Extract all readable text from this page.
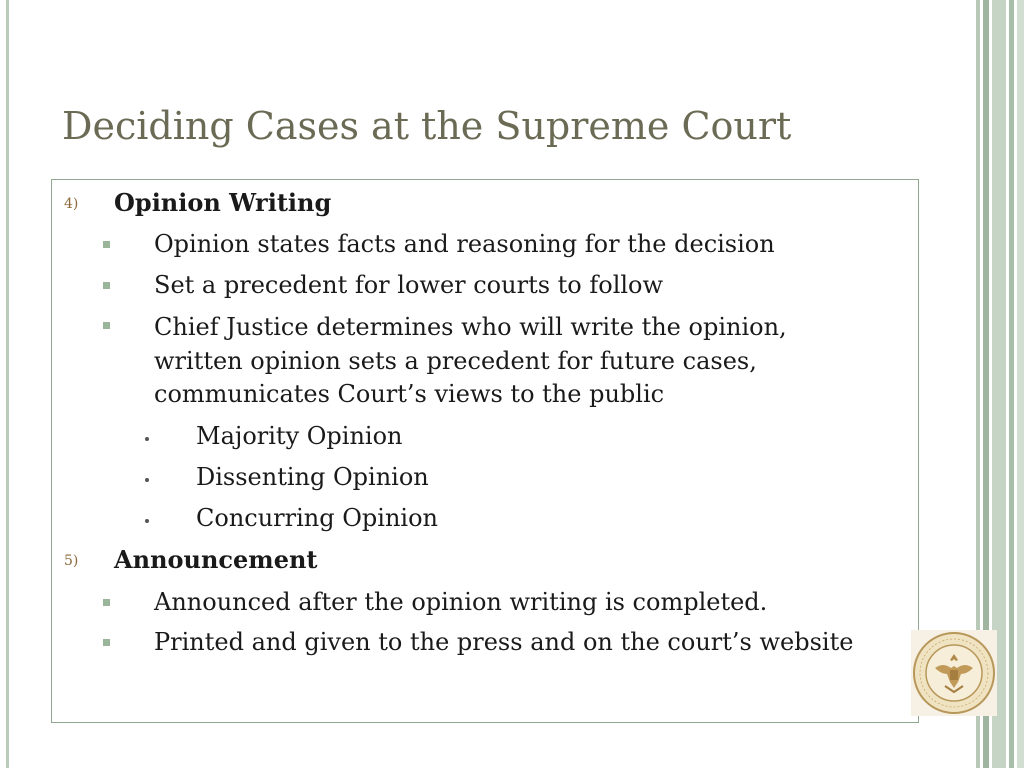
Deciding Cases at the Supreme Court
4) Opinion Writing
Opinion states facts and reasoning for the decision
Set a precedent for lower courts to follow
Chief Justice determines who will write the opinion,
written opinion sets a precedent for future cases,
communicates Court’s views to the public
Majority Opinion
Dissenting Opinion
Concurring Opinion
5) Announcement
Announced after the opinion writing is completed.
Printed and given to the press and on the court’s website
